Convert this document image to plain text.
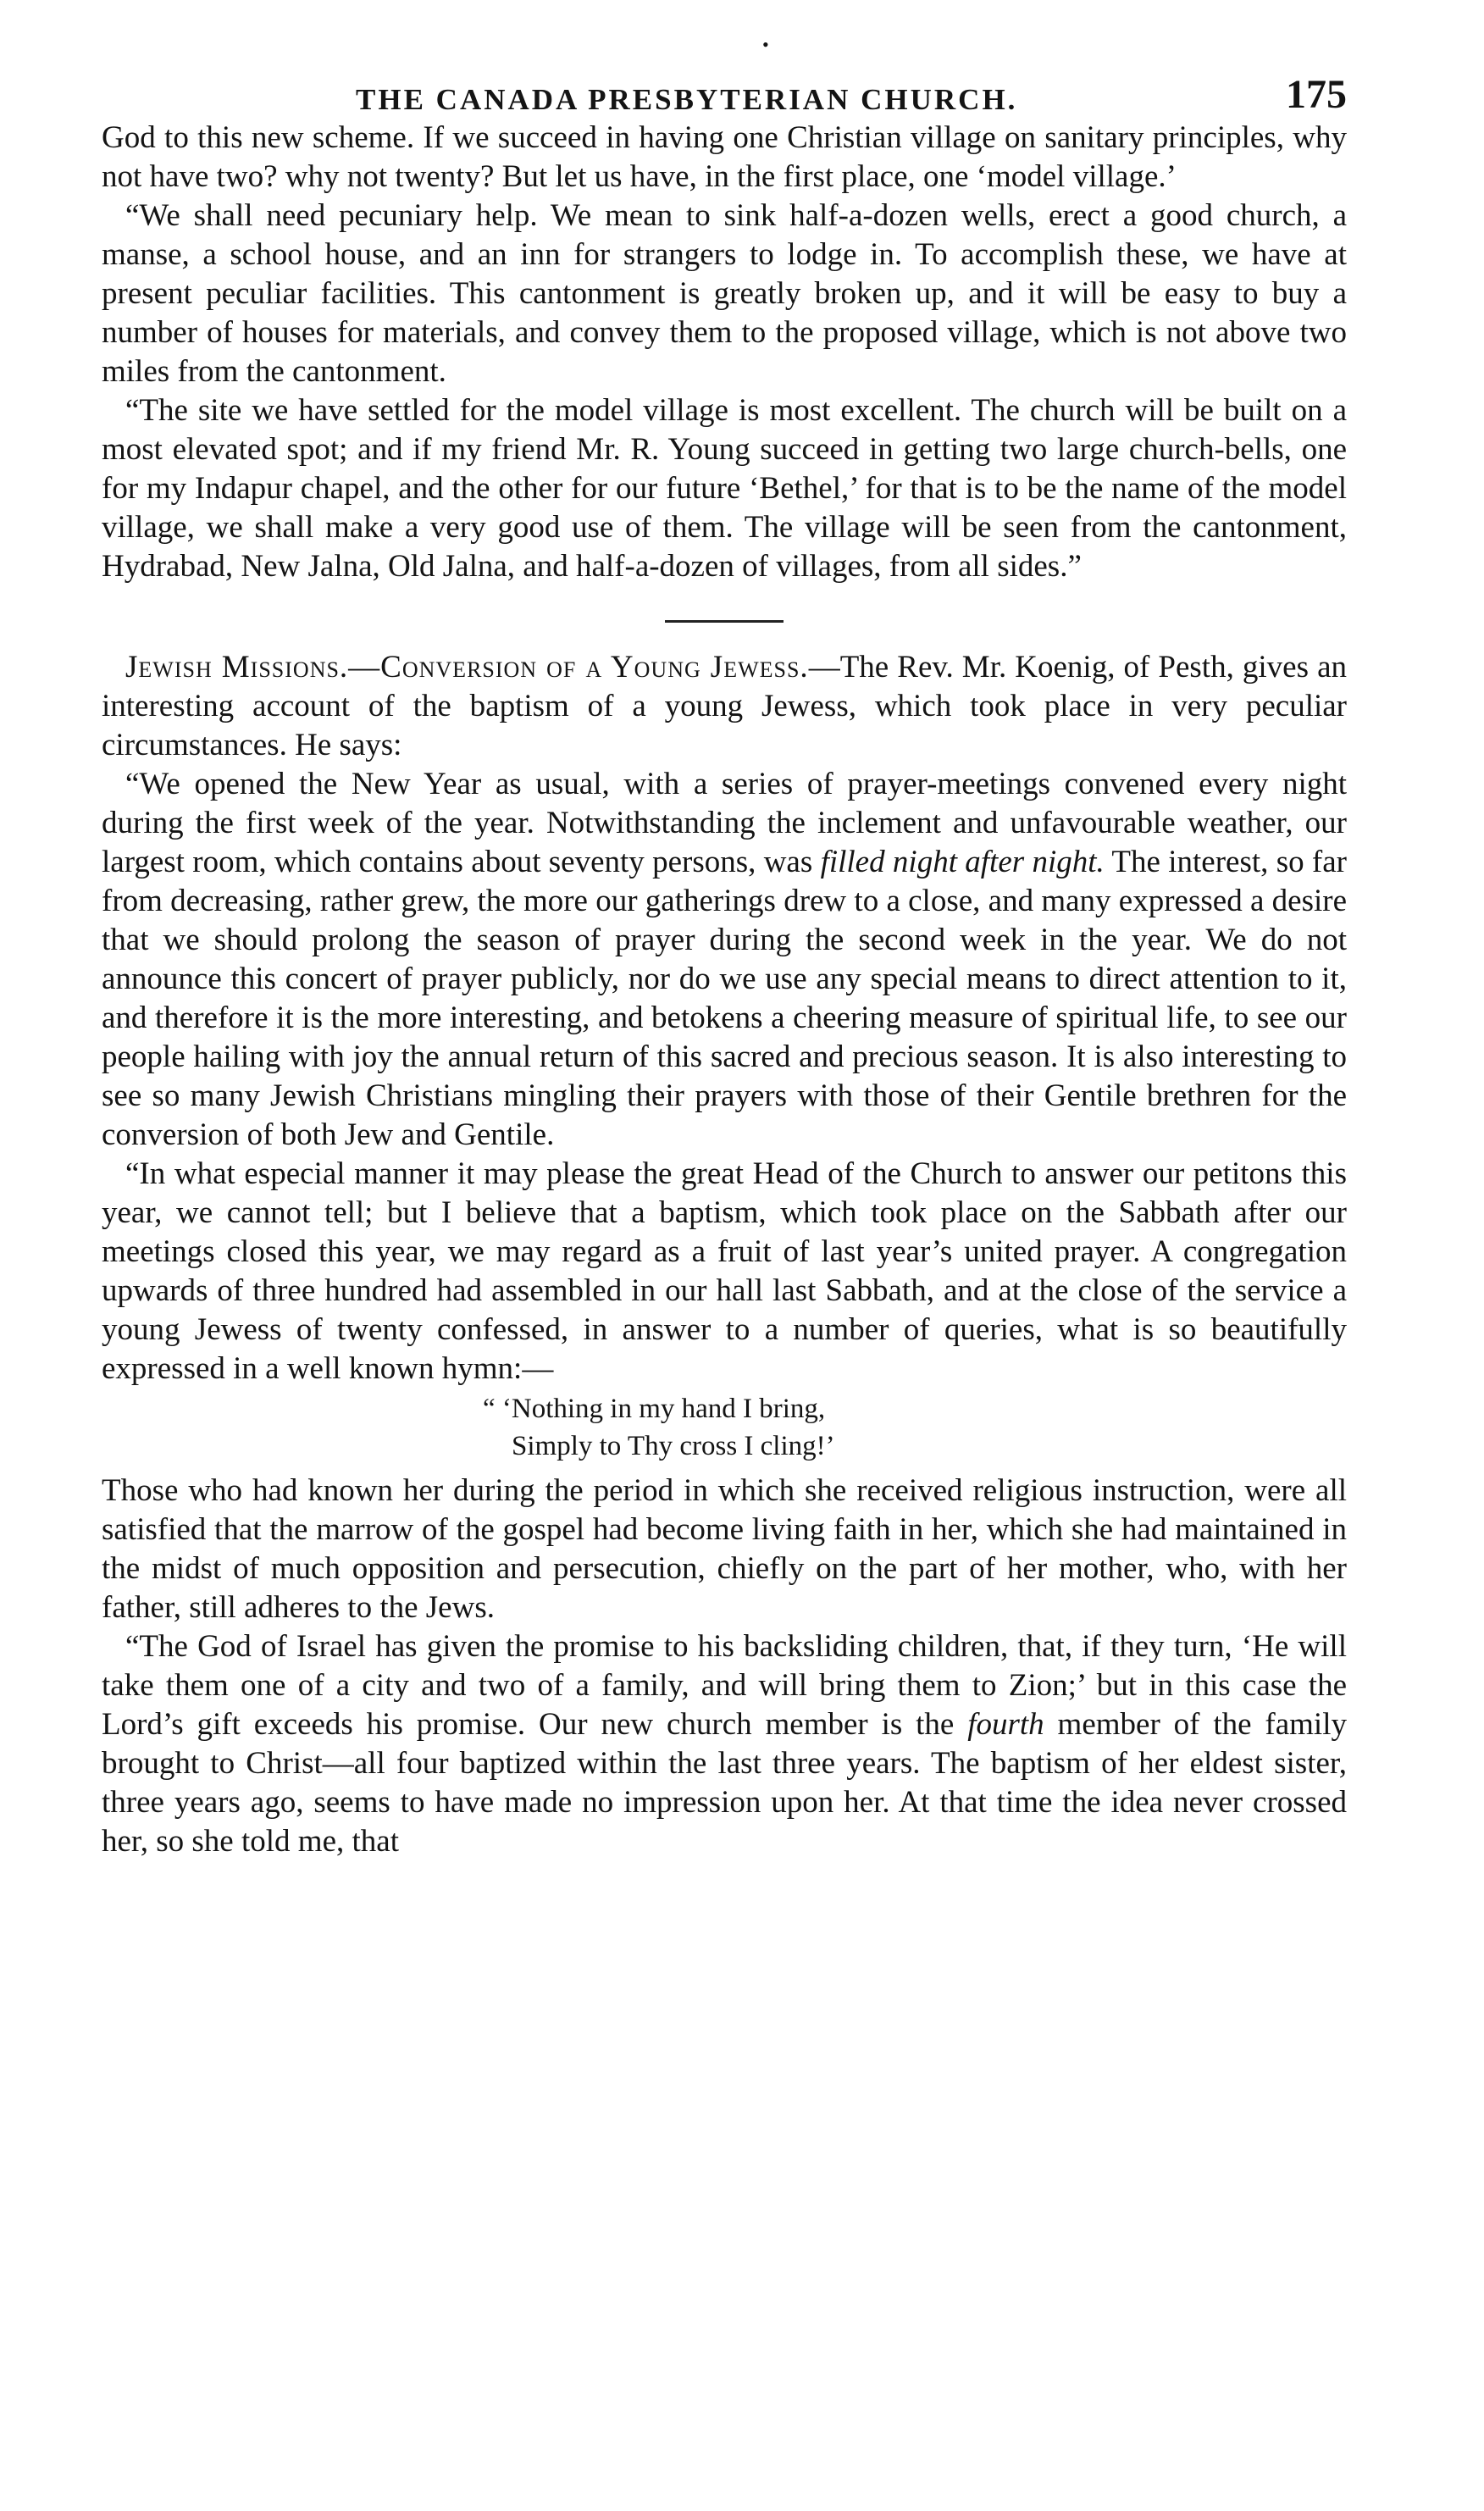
•
THE CANADA PRESBYTERIAN CHURCH.	175

God to this new scheme. If we succeed in having one Christian village on sanitary principles, why not have two? why not twenty? But let us have, in the first place, one ‘model village.’

“We shall need pecuniary help. We mean to sink half-a-dozen wells, erect a good church, a manse, a school house, and an inn for strangers to lodge in. To accomplish these, we have at present peculiar facilities. This cantonment is greatly broken up, and it will be easy to buy a number of houses for materials, and convey them to the proposed village, which is not above two miles from the cantonment.

“The site we have settled for the model village is most excellent. The church will be built on a most elevated spot; and if my friend Mr. R. Young succeed in getting two large church-bells, one for my Indapur chapel, and the other for our future ‘Bethel,’ for that is to be the name of the model village, we shall make a very good use of them. The village will be seen from the cantonment, Hydrabad, New Jalna, Old Jalna, and half-a-dozen of villages, from all sides.”

Jewish Missions.—Conversion of a Young Jewess.—The Rev. Mr. Koenig, of Pesth, gives an interesting account of the baptism of a young Jewess, which took place in very peculiar circumstances. He says:

“We opened the New Year as usual, with a series of prayer-meetings convened every night during the first week of the year. Notwithstanding the inclement and unfavourable weather, our largest room, which contains about seventy persons, was filled night after night. The interest, so far from decreasing, rather grew, the more our gatherings drew to a close, and many expressed a desire that we should prolong the season of prayer during the second week in the year. We do not announce this concert of prayer publicly, nor do we use any special means to direct attention to it, and therefore it is the more interesting, and betokens a cheering measure of spiritual life, to see our people hailing with joy the annual return of this sacred and precious season. It is also interesting to see so many Jewish Christians mingling their prayers with those of their Gentile brethren for the conversion of both Jew and Gentile.

“In what especial manner it may please the great Head of the Church to answer our petitons this year, we cannot tell; but I believe that a baptism, which took place on the Sabbath after our meetings closed this year, we may regard as a fruit of last year’s united prayer. A congregation upwards of three hundred had assembled in our hall last Sabbath, and at the close of the service a young Jewess of twenty confessed, in answer to a number of queries, what is so beautifully expressed in a well known hymn:—

“ ‘Nothing in my hand I bring,
Simply to Thy cross I cling!’

Those who had known her during the period in which she received religious instruction, were all satisfied that the marrow of the gospel had become living faith in her, which she had maintained in the midst of much opposition and persecution, chiefly on the part of her mother, who, with her father, still adheres to the Jews.

“The God of Israel has given the promise to his backsliding children, that, if they turn, ‘He will take them one of a city and two of a family, and will bring them to Zion;’ but in this case the Lord’s gift exceeds his promise. Our new church member is the fourth member of the family brought to Christ—all four baptized within the last three years. The baptism of her eldest sister, three years ago, seems to have made no impression upon her. At that time the idea never crossed her, so she told me, that
